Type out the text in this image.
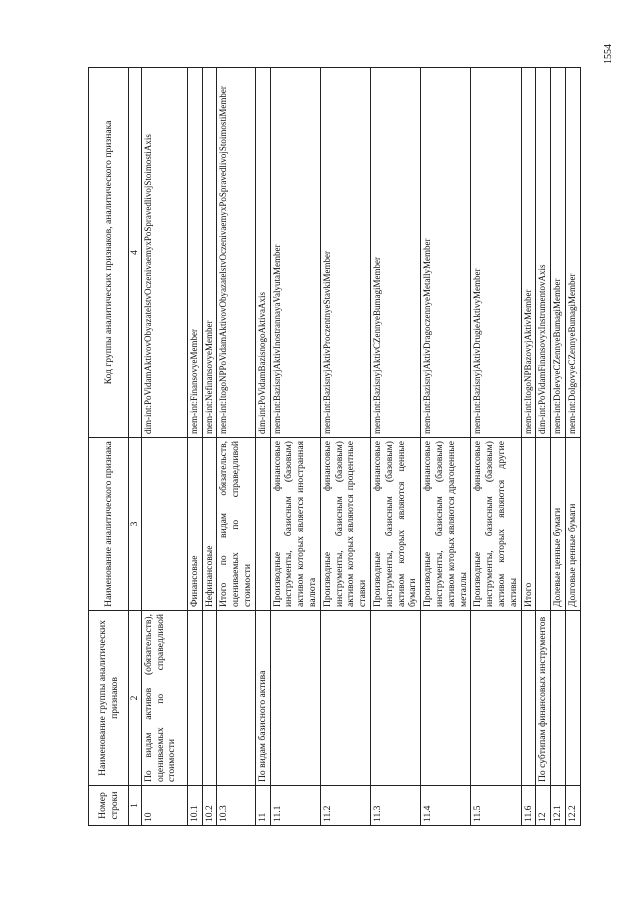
1554
Номер строки	Наименование группы аналитических признаков	Наименование аналитического признака	Код группы аналитических признаков, аналитического признака
1	2	3	4
10	По видам активов (обязательств), оцениваемых по справедливой стоимости		dim-int:PoVidamAktivovObyazatelstvOczenivaemyxPoSpravedlivojStoimostiAxis
10.1		Финансовые	mem-int:FinansovyeMember
10.2		Нефинансовые	mem-int:NefinansovyeMember
10.3		Итого по видам обязательств, оцениваемых по справедливой стоимости	mem-int:ItogoNPPoVidamAktivovObyazatelstvOczenivaemyxPoSpravedlivojStoimostiMember
11	По видам базисного актива		dim-int:PoVidamBazisnogoAktivaAxis
11.1		Производные финансовые инструменты, базисным (базовым) активом которых является иностранная валюта	mem-int:BazisnyjAktivInostrannayaValyutaMember
11.2		Производные финансовые инструменты, базисным (базовым) активом которых являются процентные ставки	mem-int:BazisnyjAktivProczentnyeStavkiMember
11.3		Производные финансовые инструменты, базисным (базовым) активом которых являются ценные бумаги	mem-int:BazisnyjAktivCZennyeBumagiMember
11.4		Производные финансовые инструменты, базисным (базовым) активом которых являются драгоценные металлы	mem-int:BazisnyjAktivDragoczennyeMetallyMember
11.5		Производные финансовые инструменты, базисным (базовым) активом которых являются другие активы	mem-int:BazisnyjAktivDrugieAktivyMember
11.6		Итого	mem-int:ItogoNPBazovyjAktivMember
12	По субтипам финансовых инструментов		dim-int:PoVidamFinansovyxInstrumentovAxis
12.1		Долевые ценные бумаги	mem-int:DolevyeCZennyeBumagiMember
12.2		Долговые ценные бумаги	mem-int:DolgovyeCZennyeBumagiMember
